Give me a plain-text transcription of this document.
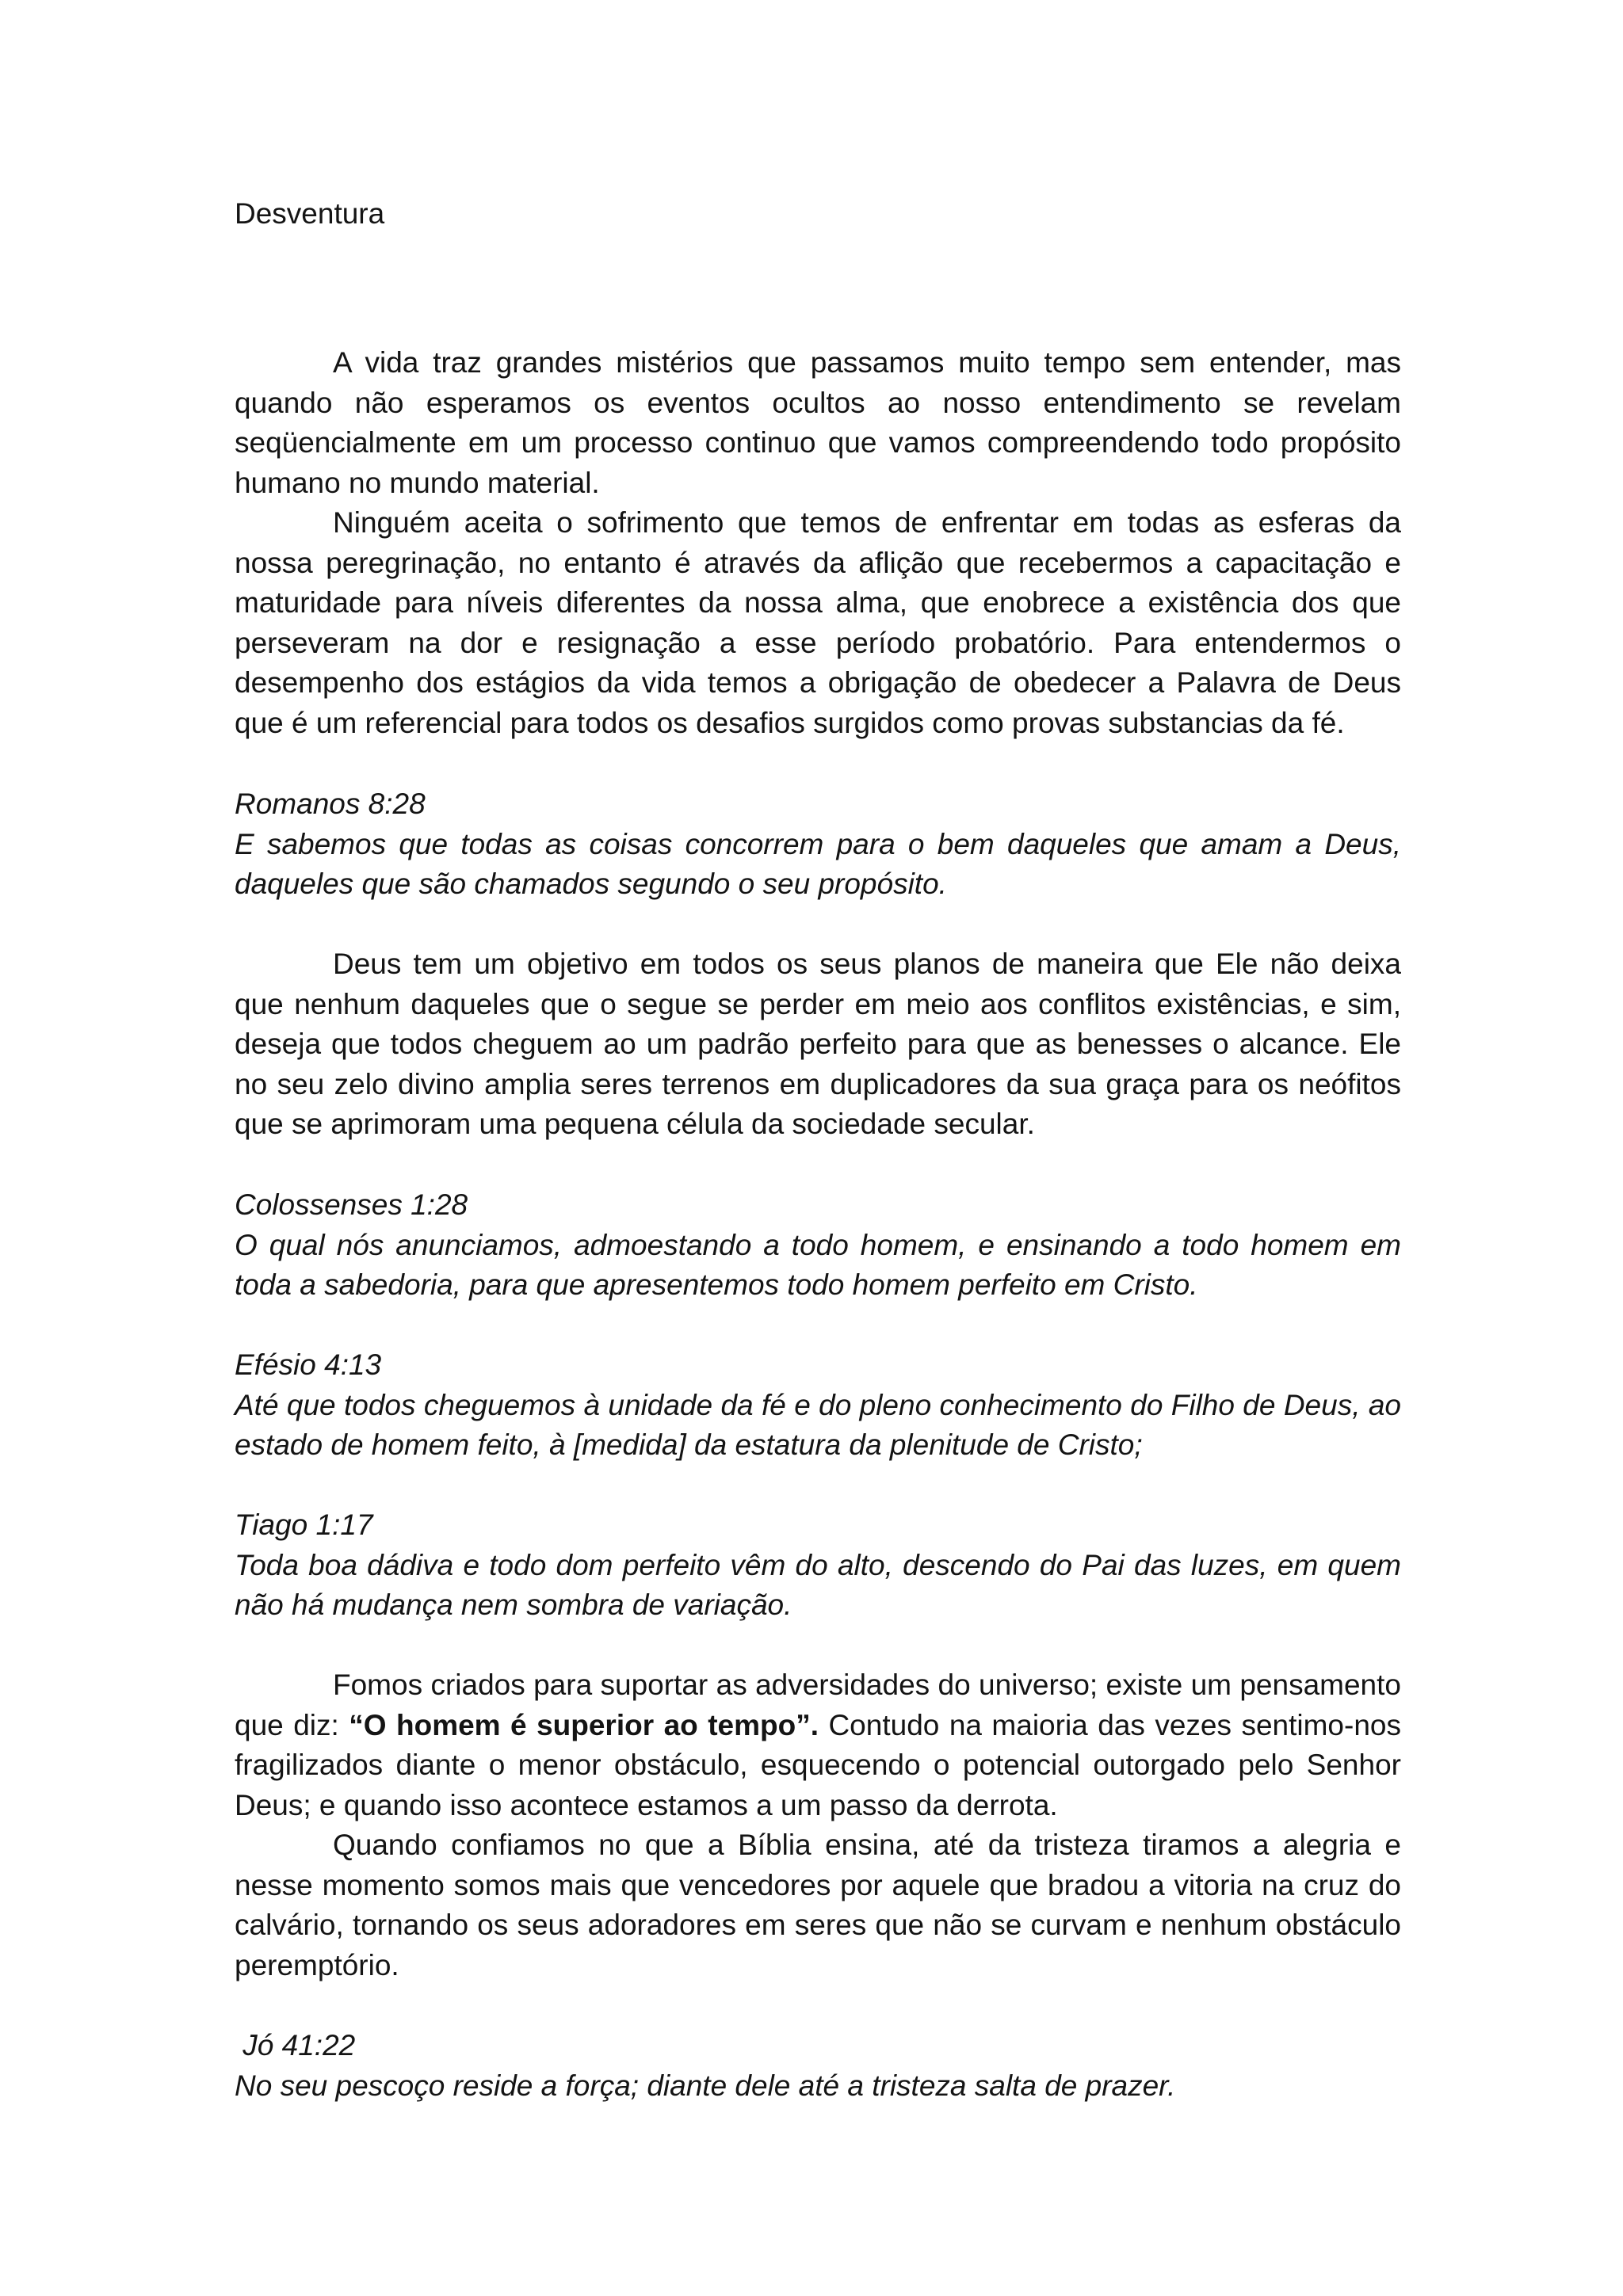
Desventura

A vida traz grandes mistérios que passamos muito tempo sem entender, mas quando não esperamos os eventos ocultos ao nosso entendimento se revelam seqüencialmente em um processo continuo que vamos compreendendo todo propósito humano no mundo material.

Ninguém aceita o sofrimento que temos de enfrentar em todas as esferas da nossa peregrinação, no entanto é através da aflição que recebermos a capacitação e maturidade para níveis diferentes da nossa alma, que enobrece a existência dos que perseveram na dor e resignação a esse período probatório. Para entendermos o desempenho dos estágios da vida temos a obrigação de obedecer a Palavra de Deus que é um referencial para todos os desafios surgidos como provas substancias da fé.

Romanos 8:28

E sabemos que todas as coisas concorrem para o bem daqueles que amam a Deus, daqueles que são chamados segundo o seu propósito.

Deus tem um objetivo em todos os seus planos de maneira que Ele não deixa que nenhum daqueles que o segue se perder em meio aos conflitos existências, e sim, deseja que todos cheguem ao um padrão perfeito para que as benesses o alcance. Ele no seu zelo divino amplia seres terrenos em duplicadores da sua graça para os neófitos que se aprimoram uma pequena célula da sociedade secular.

Colossenses 1:28

O qual nós anunciamos, admoestando a todo homem, e ensinando a todo homem em toda a sabedoria, para que apresentemos todo homem perfeito em Cristo.

Efésio 4:13

Até que todos cheguemos à unidade da fé e do pleno conhecimento do Filho de Deus, ao estado de homem feito, à [medida] da estatura da plenitude de Cristo;

Tiago 1:17

Toda boa dádiva e todo dom perfeito vêm do alto, descendo do Pai das luzes, em quem não há mudança nem sombra de variação.

Fomos criados para suportar as adversidades do universo; existe um pensamento que diz: “O homem é superior ao tempo”. Contudo na maioria das vezes sentimo-nos fragilizados diante o menor obstáculo, esquecendo o potencial outorgado pelo Senhor Deus; e quando isso acontece estamos a um passo da derrota.

Quando confiamos no que a Bíblia ensina, até da tristeza tiramos a alegria e nesse momento somos mais que vencedores por aquele que bradou a vitoria na cruz do calvário, tornando os seus adoradores em seres que não se curvam e nenhum obstáculo peremptório.

Jó 41:22

No seu pescoço reside a força; diante dele até a tristeza salta de prazer.
